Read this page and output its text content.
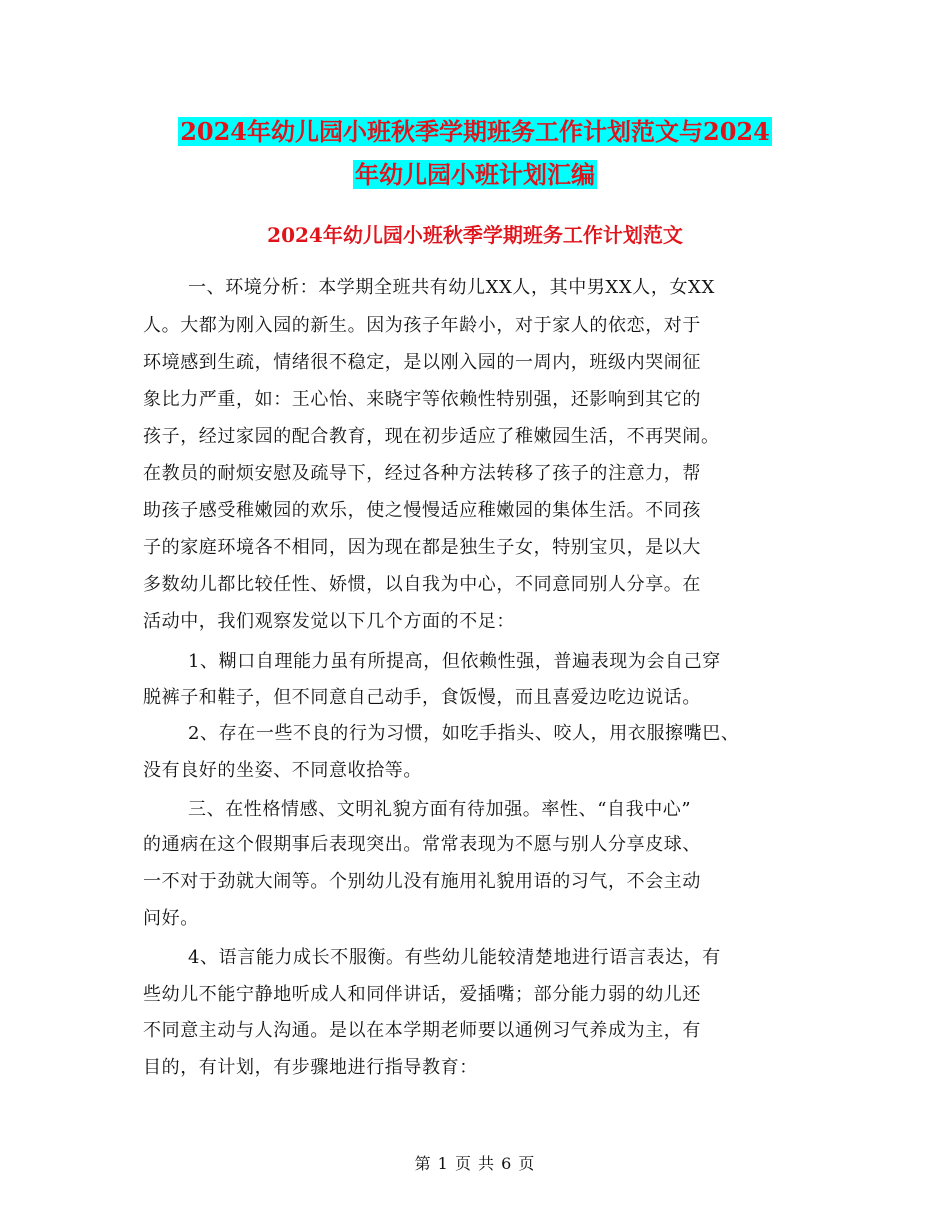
2024年幼儿园小班秋季学期班务工作计划范文与2024
年幼儿园小班计划汇编
2024年幼儿园小班秋季学期班务工作计划范文
一、环境分析：本学期全班共有幼儿XX人，其中男XX人，女XX
人。大都为刚入园的新生。因为孩子年龄小，对于家人的依恋，对于
环境感到生疏，情绪很不稳定，是以刚入园的一周内，班级内哭闹征
象比力严重，如：王心怡、来晓宇等依赖性特别强，还影响到其它的
孩子，经过家园的配合教育，现在初步适应了稚嫩园生活，不再哭闹。
在教员的耐烦安慰及疏导下，经过各种方法转移了孩子的注意力，帮
助孩子感受稚嫩园的欢乐，使之慢慢适应稚嫩园的集体生活。不同孩
子的家庭环境各不相同，因为现在都是独生子女，特别宝贝，是以大
多数幼儿都比较任性、娇惯，以自我为中心，不同意同别人分享。在
活动中，我们观察发觉以下几个方面的不足：
1、糊口自理能力虽有所提高，但依赖性强，普遍表现为会自己穿
脱裤子和鞋子，但不同意自己动手，食饭慢，而且喜爱边吃边说话。
2、存在一些不良的行为习惯，如吃手指头、咬人，用衣服擦嘴巴、
没有良好的坐姿、不同意收拾等。
三、在性格情感、文明礼貌方面有待加强。率性、“自我中心”
的通病在这个假期事后表现突出。常常表现为不愿与别人分享皮球、
一不对于劲就大闹等。个别幼儿没有施用礼貌用语的习气，不会主动
问好。
4、语言能力成长不服衡。有些幼儿能较清楚地进行语言表达，有
些幼儿不能宁静地听成人和同伴讲话，爱插嘴；部分能力弱的幼儿还
不同意主动与人沟通。是以在本学期老师要以通例习气养成为主，有
目的，有计划，有步骤地进行指导教育：
第 1 页 共 6 页
